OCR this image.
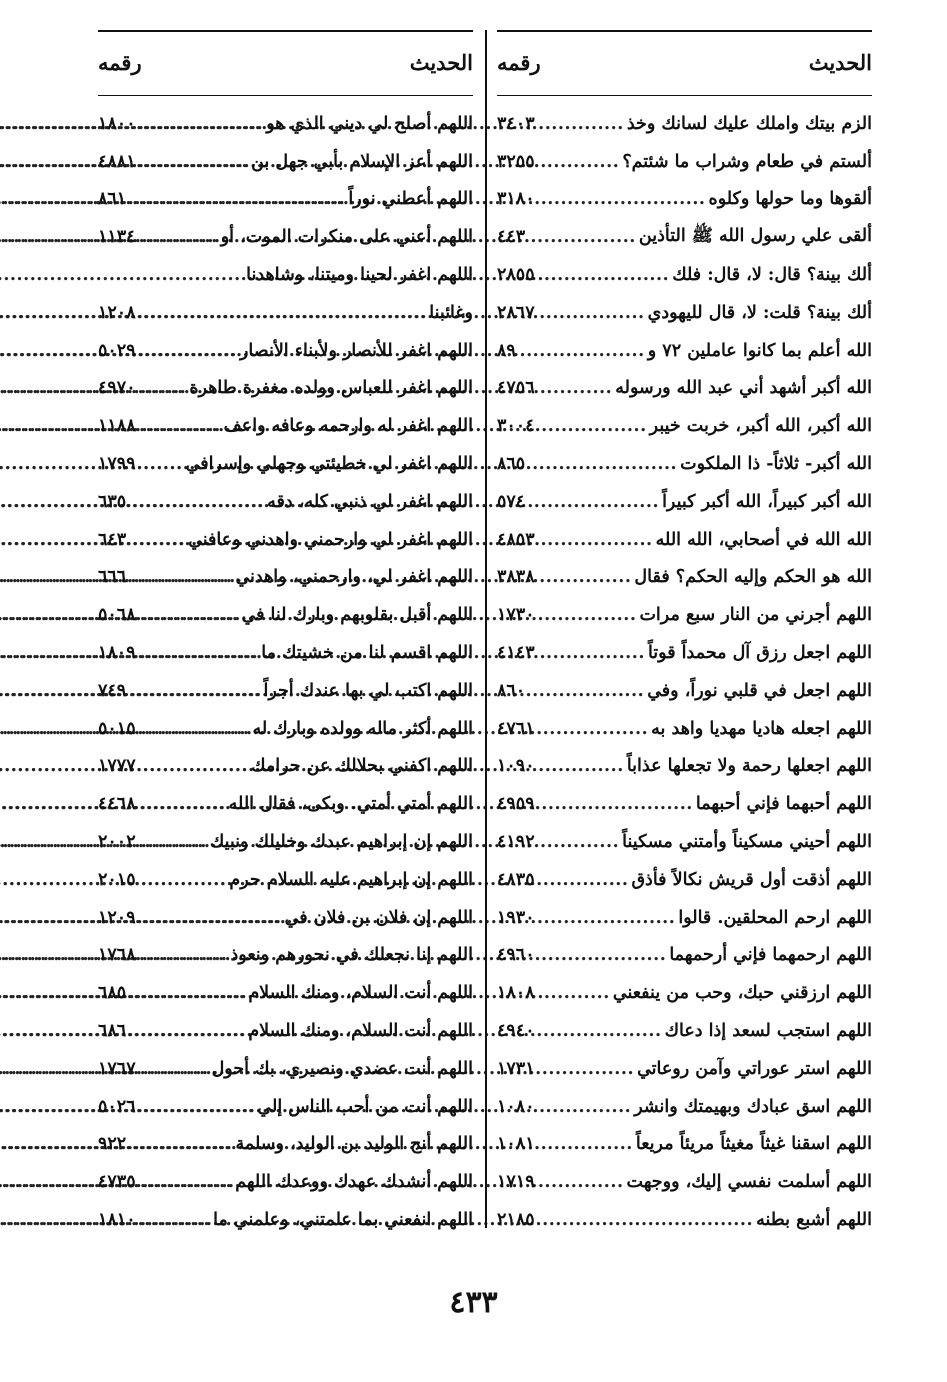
الحديث
رقمه
الزم بيتك واملك عليك لسانك وخذ
.....
٣٤٠٣
ألستم في طعام وشراب ما شئتم؟
.....
٣٢٥٥
ألقوها وما حولها وكلوه
.....
٣١٨٠
ألقى علي رسول الله ﷺ التأذين
.....
٤٤٣
ألك بينة؟ قال: لا، قال: فلك
.....
٢٨٥٥
ألك بينة؟ قلت: لا، قال لليهودي
.....
٢٨٦٧
الله أعلم بما كانوا عاملين ٧٢ و
.....
٨٩
الله أكبر أشهد أني عبد الله ورسوله
.....
٤٧٥٦
الله أكبر، الله أكبر، خربت خيبر
.....
٣٠٠٤
الله أكبر- ثلاثاً- ذا الملكوت
.....
٨٦٥
الله أكبر كبيراً، الله أكبر كبيراً
.....
٥٧٤
الله الله في أصحابي، الله الله
.....
٤٨٥٣
الله هو الحكم وإليه الحكم؟ فقال
.....
٣٨٣٨
اللهم أجرني من النار سبع مرات
.....
١٧٣٠
اللهم اجعل رزق آل محمداً قوتاً
.....
٤١٤٣
اللهم اجعل في قلبي نوراً، وفي
.....
٨٦٠
اللهم اجعله هاديا مهديا واهد به
.....
٤٧٦١
اللهم اجعلها رحمة ولا تجعلها عذاباً
.....
١٠٩٠
اللهم أحبهما فإني أحبهما
.....
٤٩٥٩
اللهم أحيني مسكيناً وأمتني مسكيناً
.....
٤١٩٢
اللهم أذقت أول قريش نكالاً فأذق
.....
٤٨٣٥
اللهم ارحم المحلقين. قالوا
.....
١٩٣٠
اللهم ارحمهما فإني أرحمهما
.....
٤٩٦٠
اللهم ارزقني حبك، وحب من ينفعني
.....
١٨٠٨
اللهم استجب لسعد إذا دعاك
.....
٤٩٤٠
اللهم استر عوراتي وآمن روعاتي
.....
١٧٣١
اللهم اسق عبادك وبهيمتك وانشر
.....
١٠٨٠
اللهم اسقنا غيثاً مغيثاً مريئاً مريعاً
.....
١٠٨١
اللهم أسلمت نفسي إليك، ووجهت
.....
١٧١٩
اللهم أشبع بطنه
.....
٢١٨٥
الحديث
رقمه
اللهم أصلح لي ديني الذي هو
.....
١٨٠٠
اللهم أعز الإسلام بأبي جهل بن
.....
٤٨٨١
اللهم أعطني نوراً
.....
٨٦١
اللهم أعني على منكرات الموت، أو
.....
١١٣٤
اللهم اغفر لحينا وميتنا، وشاهدنا
وغائبنا
.....
١٢٠٨
اللهم اغفر للأنصار ولأبناء الأنصار
.....
٥٠٢٩
اللهم اغفر للعباس وولده مغفرة طاهرة
.....
٤٩٧٠
اللهم اغفر له وارحمه وعافه واعف
.....
١١٨٨
اللهم اغفر لي خطيئتي وجهلي وإسرافي
.....
١٧٩٩
اللهم اغفر لي ذنبي كله، دقه
.....
٦٣٥
اللهم اغفر لي وارحمني واهدني وعافني
.....
٦٤٣
اللهم اغفر لي، وارحمني، واهدني
.....
٦٦٦
اللهم أقبل بقلوبهم وبارك لنا في
.....
٥٠٦٨
اللهم اقسم لنا من خشيتك ما
.....
١٨٠٩
اللهم اكتب لي بها عندك أجراً
.....
٧٤٩
اللهم أكثر ماله وولده وبارك له
.....
٥٠١٥
اللهم اكفني بحلالك عن حرامك
.....
١٧٧٧
اللهم أمتي أمتي. وبكى، فقال الله
.....
٤٤٦٨
اللهم إن إبراهيم عبدك وخليلك ونبيك
.....
٢٠٠٢
اللهم إن إبراهيم عليه السلام حرم
.....
٢٠١٥
اللهم إن فلان بن فلان في
.....
١٢٠٩
اللهم إنا نجعلك في نحورهم ونعوذ
.....
١٧٦٨
اللهم أنت السلام، ومنك السلام
.....
٦٨٥
اللهم أنت السلام، ومنك السلام
.....
٦٨٦
اللهم أنت عضدي ونصيري، بك أحول
.....
١٧٦٧
اللهم أنت من أحب الناس إلي
.....
٥٠٢٦
اللهم أنج الوليد بن الوليد، وسلمة
.....
٩٢٢
اللهم أنشدك عهدك ووعدك اللهم
.....
٤٧٣٥
اللهم انفعني بما علمتني، وعلمني ما
.....
١٨١٠
٤٣٣
